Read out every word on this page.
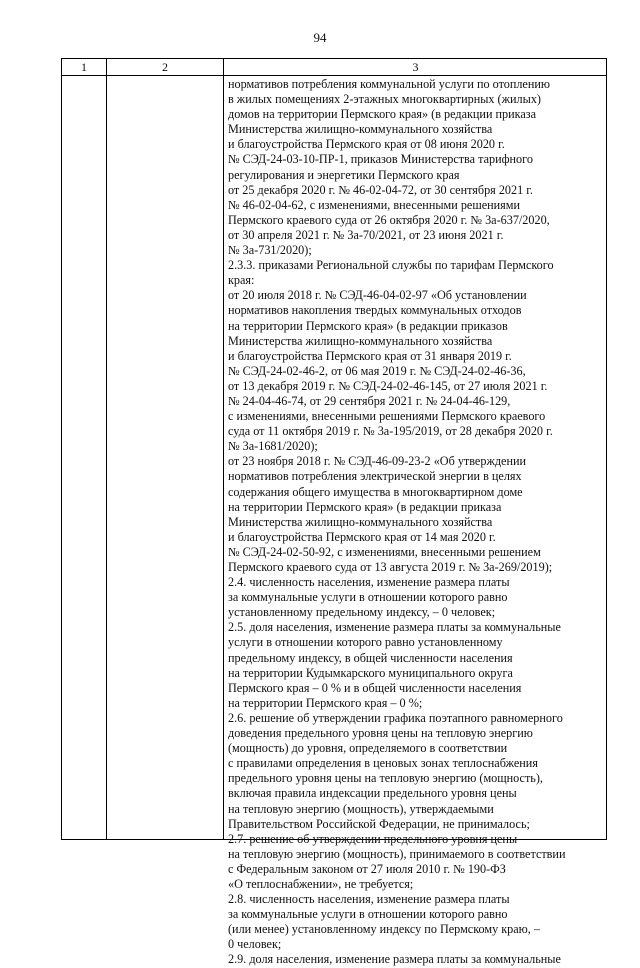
94
1	2	3
нормативов потребления коммунальной услуги по отоплению
в жилых помещениях 2-этажных многоквартирных (жилых)
домов на территории Пермского края» (в редакции приказа
Министерства жилищно-коммунального хозяйства
и благоустройства Пермского края от 08 июня 2020 г.
№ СЭД-24-03-10-ПР-1, приказов Министерства тарифного
регулирования и энергетики Пермского края
от 25 декабря 2020 г. № 46-02-04-72, от 30 сентября 2021 г.
№ 46-02-04-62, с изменениями, внесенными решениями
Пермского краевого суда от 26 октября 2020 г. № 3а-637/2020,
от 30 апреля 2021 г. № 3а-70/2021, от 23 июня 2021 г.
№ 3а-731/2020);
2.3.3. приказами Региональной службы по тарифам Пермского
края:
от 20 июля 2018 г. № СЭД-46-04-02-97 «Об установлении
нормативов накопления твердых коммунальных отходов
на территории Пермского края» (в редакции приказов
Министерства жилищно-коммунального хозяйства
и благоустройства Пермского края от 31 января 2019 г.
№ СЭД-24-02-46-2, от 06 мая 2019 г. № СЭД-24-02-46-36,
от 13 декабря 2019 г. № СЭД-24-02-46-145, от 27 июля 2021 г.
№ 24-04-46-74, от 29 сентября 2021 г. № 24-04-46-129,
с изменениями, внесенными решениями Пермского краевого
суда от 11 октября 2019 г. № 3а-195/2019, от 28 декабря 2020 г.
№ 3а-1681/2020);
от 23 ноября 2018 г. № СЭД-46-09-23-2 «Об утверждении
нормативов потребления электрической энергии в целях
содержания общего имущества в многоквартирном доме
на территории Пермского края» (в редакции приказа
Министерства жилищно-коммунального хозяйства
и благоустройства Пермского края от 14 мая 2020 г.
№ СЭД-24-02-50-92, с изменениями, внесенными решением
Пермского краевого суда от 13 августа 2019 г. № 3а-269/2019);
2.4. численность населения, изменение размера платы
за коммунальные услуги в отношении которого равно
установленному предельному индексу, – 0 человек;
2.5. доля населения, изменение размера платы за коммунальные
услуги в отношении которого равно установленному
предельному индексу, в общей численности населения
на территории Кудымкарского муниципального округа
Пермского края – 0 % и в общей численности населения
на территории Пермского края – 0 %;
2.6. решение об утверждении графика поэтапного равномерного
доведения предельного уровня цены на тепловую энергию
(мощность) до уровня, определяемого в соответствии
с правилами определения в ценовых зонах теплоснабжения
предельного уровня цены на тепловую энергию (мощность),
включая правила индексации предельного уровня цены
на тепловую энергию (мощность), утверждаемыми
Правительством Российской Федерации, не принималось;
2.7. решение об утверждении предельного уровня цены
на тепловую энергию (мощность), принимаемого в соответствии
с Федеральным законом от 27 июля 2010 г. № 190-ФЗ
«О теплоснабжении», не требуется;
2.8. численность населения, изменение размера платы
за коммунальные услуги в отношении которого равно
(или менее) установленному индексу по Пермскому краю, –
0 человек;
2.9. доля населения, изменение размера платы за коммунальные
